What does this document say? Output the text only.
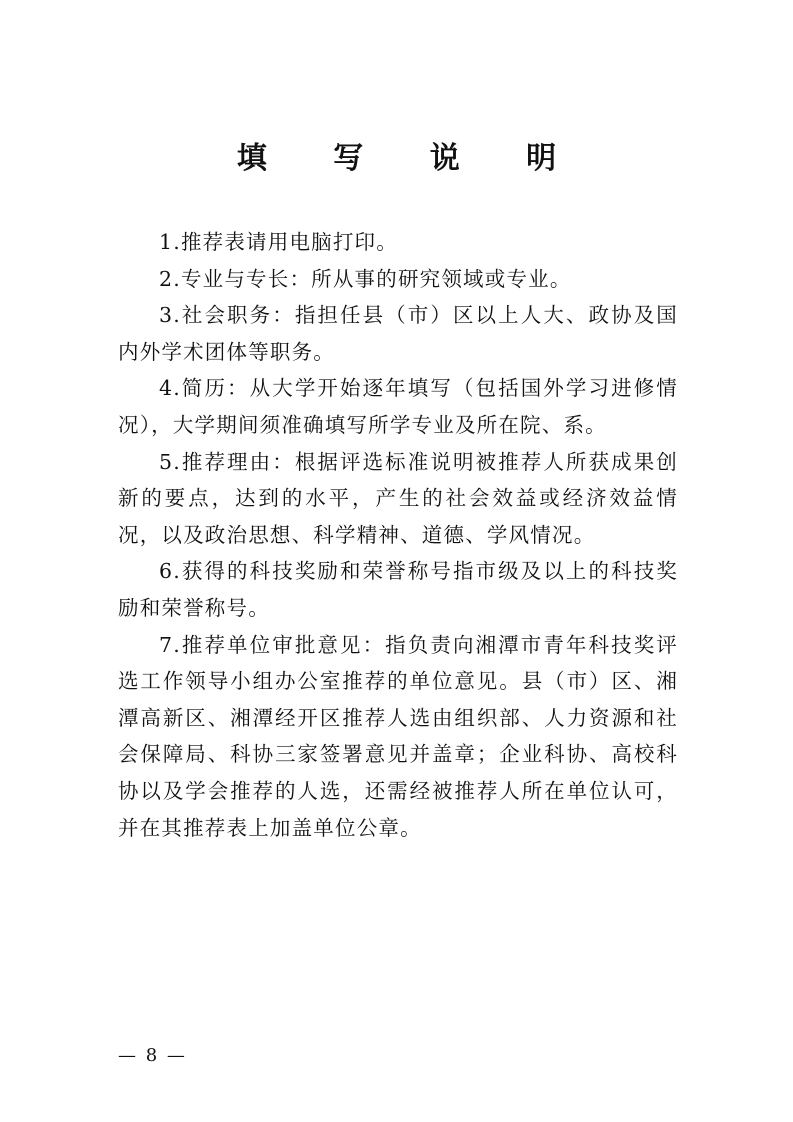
填 写 说 明

1.推荐表请用电脑打印。

2.专业与专长：所从事的研究领域或专业。

3.社会职务：指担任县（市）区以上人大、政协及国内外学术团体等职务。

4.简历：从大学开始逐年填写（包括国外学习进修情况），大学期间须准确填写所学专业及所在院、系。

5.推荐理由：根据评选标准说明被推荐人所获成果创新的要点，达到的水平，产生的社会效益或经济效益情况，以及政治思想、科学精神、道德、学风情况。

6.获得的科技奖励和荣誉称号指市级及以上的科技奖励和荣誉称号。

7.推荐单位审批意见：指负责向湘潭市青年科技奖评选工作领导小组办公室推荐的单位意见。县（市）区、湘潭高新区、湘潭经开区推荐人选由组织部、人力资源和社会保障局、科协三家签署意见并盖章；企业科协、高校科协以及学会推荐的人选，还需经被推荐人所在单位认可，并在其推荐表上加盖单位公章。

— 8 —
